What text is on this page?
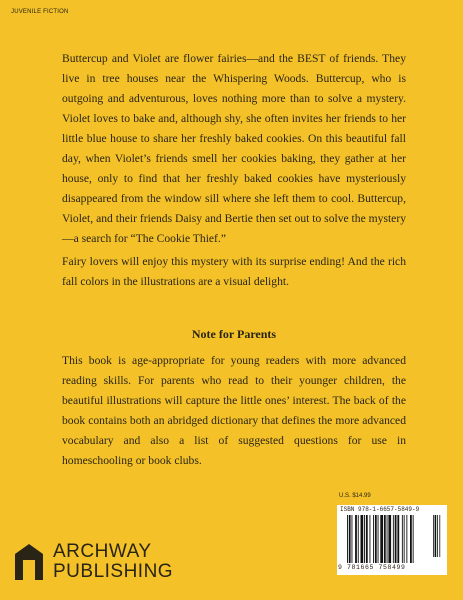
JUVENILE FICTION
Buttercup and Violet are flower fairies—and the BEST of friends. They live in tree houses near the Whispering Woods. Buttercup, who is outgoing and adventurous, loves nothing more than to solve a mystery. Violet loves to bake and, although shy, she often invites her friends to her little blue house to share her freshly baked cookies. On this beautiful fall day, when Violet’s friends smell her cookies baking, they gather at her house, only to find that her freshly baked cookies have mysteriously disappeared from the window sill where she left them to cool. Buttercup, Violet, and their friends Daisy and Bertie then set out to solve the mystery—a search for “The Cookie Thief.”
Fairy lovers will enjoy this mystery with its surprise ending! And the rich fall colors in the illustrations are a visual delight.
Note for Parents
This book is age-appropriate for young readers with more advanced reading skills. For parents who read to their younger children, the beautiful illustrations will capture the little ones’ interest. The back of the book contains both an abridged dictionary that defines the more advanced vocabulary and also a list of suggested questions for use in homeschooling or book clubs.
U.S. $14.99
ISBN 978-1-6657-5849-9
9 781665 758499
ARCHWAY
PUBLISHING
